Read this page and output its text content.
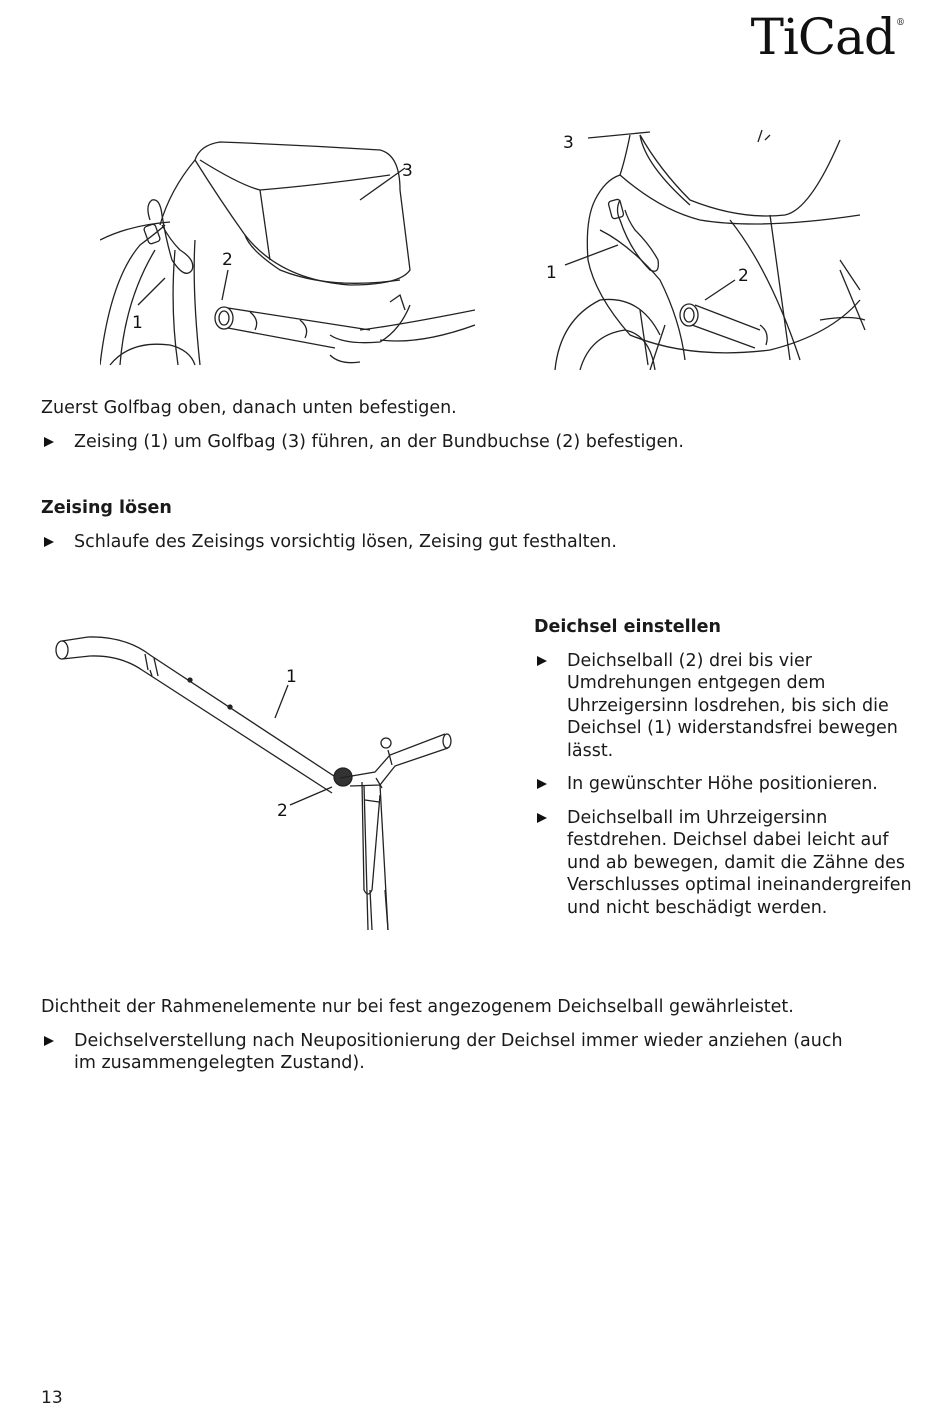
TiCad®
3
2
1
3
1	2

Zuerst Golfbag oben, danach unten befestigen.

Zeising (1) um Golfbag (3) führen, an der Bundbuchse (2) befestigen.

Zeising lösen

Schlaufe des Zeisings vorsichtig lösen, Zeising gut festhalten.

1
2

Deichsel einstellen

Deichselball (2) drei bis vier Umdrehungen entgegen dem Uhrzeigersinn losdrehen, bis sich die Deichsel (1) widerstandsfrei bewegen lässt.

In gewünschter Höhe positionieren.

Deichselball im Uhrzeigersinn festdrehen. Deichsel dabei leicht auf und ab bewegen, damit die Zähne des Verschlusses optimal ineinandergreifen und nicht beschädigt werden.

Dichtheit der Rahmenelemente nur bei fest angezogenem Deichselball gewährleistet.

Deichselverstellung nach Neupositionierung der Deichsel immer wieder anziehen (auch im zusammengelegten Zustand).

13
